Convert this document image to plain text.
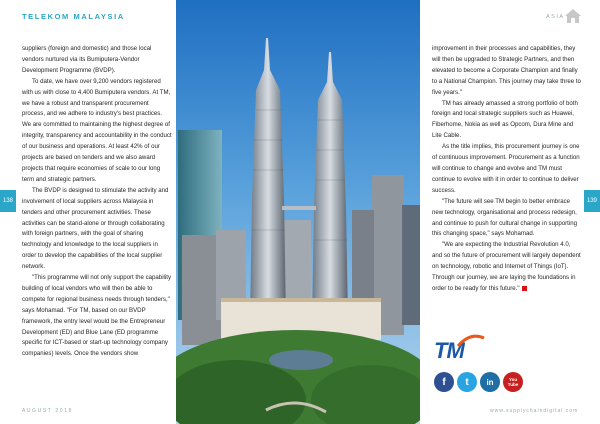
TELEKOM MALAYSIA	ASIA

suppliers (foreign and domestic) and those local vendors nurtured via its Bumiputera-Vendor Development Programme (BVDP).

To date, we have over 9,200 vendors registered with us with close to 4,400 Bumiputera vendors. At TM, we have a robust and transparent procurement process, and we adhere to industry's best practices. We are committed to maintaining the highest degree of integrity, transparency and accountability in the conduct of our business and operations. At least 42% of our projects are based on tenders and we also award projects that require economies of scale to our long term and strategic partners.

The BVDP is designed to stimulate the activity and involvement of local suppliers across Malaysia in tenders and other procurement activities. These activities can be stand-alone or through collaborating with foreign partners, with the goal of sharing technology and knowledge to the local suppliers in order to develop the capabilities of the local supplier network.

"This programme will not only support the capability building of local vendors who will then be able to compete for regional business needs through tenders," says Mohamad. "For TM, based on our BVDP framework, the entry level would be the Entrepreneur Development (ED) and Blue Lane (ED programme specific for ICT-based or start-up technology company companies) levels. Once the vendors show

138	139

improvement in their processes and capabilities, they will then be upgraded to Strategic Partners, and then elevated to become a Corporate Champion and finally to a National Champion. This journey may take three to five years."

TM has already amassed a strong portfolio of both foreign and local strategic suppliers such as Huawei, Fiberhome, Nokia as well as Opcom, Dura Mine and Lite Cable.

As the title implies, this procurement journey is one of continuous improvement. Procurement as a function will continue to change and evolve and TM must continue to evolve with it in order to continue to deliver success.

"The future will see TM begin to better embrace new technology, organisational and process redesign, and continue to push for cultural change in supporting this changing space," says Mohamad.

"We are expecting the Industrial Revolution 4.0, and so the future of procurement will largely dependent on technology, robotic and Internet of Things (IoT). Through our journey, we are laying the foundations in order to be ready for this future."

TM
f	t	in	You Tube
AUGUST 2018	www.supplychaindigital.com
